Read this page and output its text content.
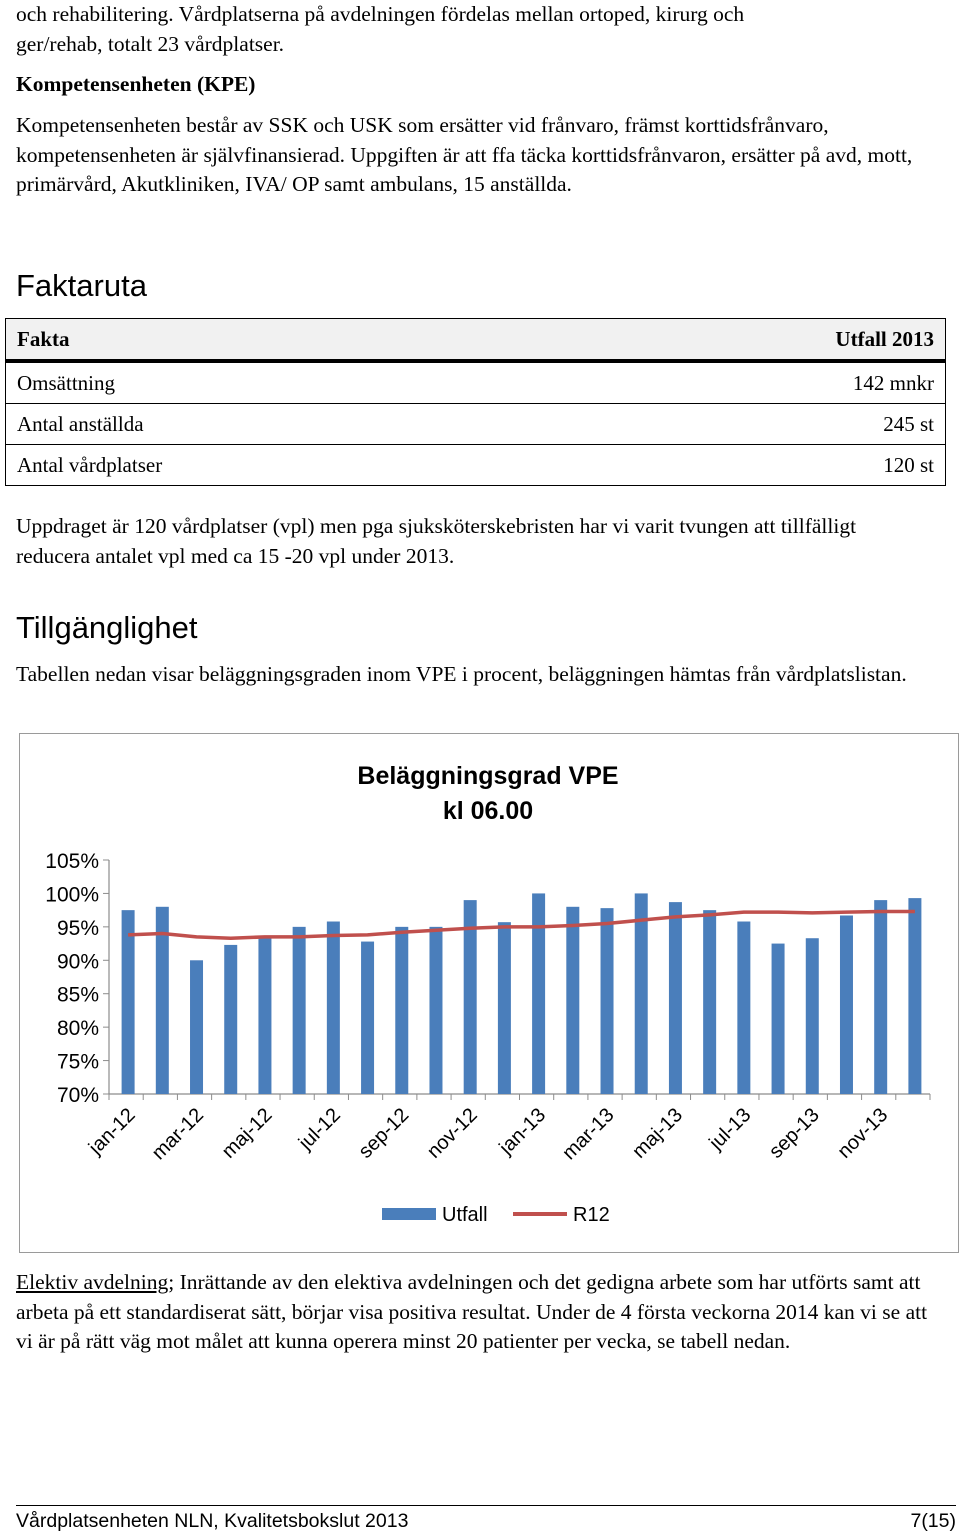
och rehabilitering. Vårdplatserna på avdelningen fördelas mellan ortoped, kirurg och
ger/rehab, totalt 23 vårdplatser.

Kompetensenheten (KPE)

Kompetensenheten består av SSK och USK som ersätter vid frånvaro, främst korttidsfrånvaro, kompetensenheten är självfinansierad. Uppgiften är att ffa täcka korttidsfrånvaron, ersätter på avd, mott, primärvård, Akutkliniken, IVA/ OP samt ambulans, 15 anställda.

Faktaruta
Fakta	Utfall 2013
Omsättning	142 mnkr
Antal anställda	245 st
Antal vårdplatser	120 st

Uppdraget är 120 vårdplatser (vpl) men pga sjuksköterskebristen har vi varit tvungen att tillfälligt reducera antalet vpl med ca 15 -20 vpl under 2013.

Tillgänglighet

Tabellen nedan visar beläggningsgraden inom VPE i procent, beläggningen hämtas från vårdplatslistan.

Beläggningsgrad VPE
kl 06.00
70%
75%
80%
85%
90%
95%
100%
105%
jan-12 mar-12 maj-12 jul-12 sep-12 nov-12 jan-13 mar-13 maj-13 jul-13 sep-13 nov-13
Utfall	R12

Elektiv avdelning; Inrättande av den elektiva avdelningen och det gedigna arbete som har utförts samt att arbeta på ett standardiserat sätt, börjar visa positiva resultat. Under de 4 första veckorna 2014 kan vi se att vi är på rätt väg mot målet att kunna operera minst 20 patienter per vecka, se tabell nedan.

Vårdplatsenheten NLN, Kvalitetsbokslut 2013	7(15)
